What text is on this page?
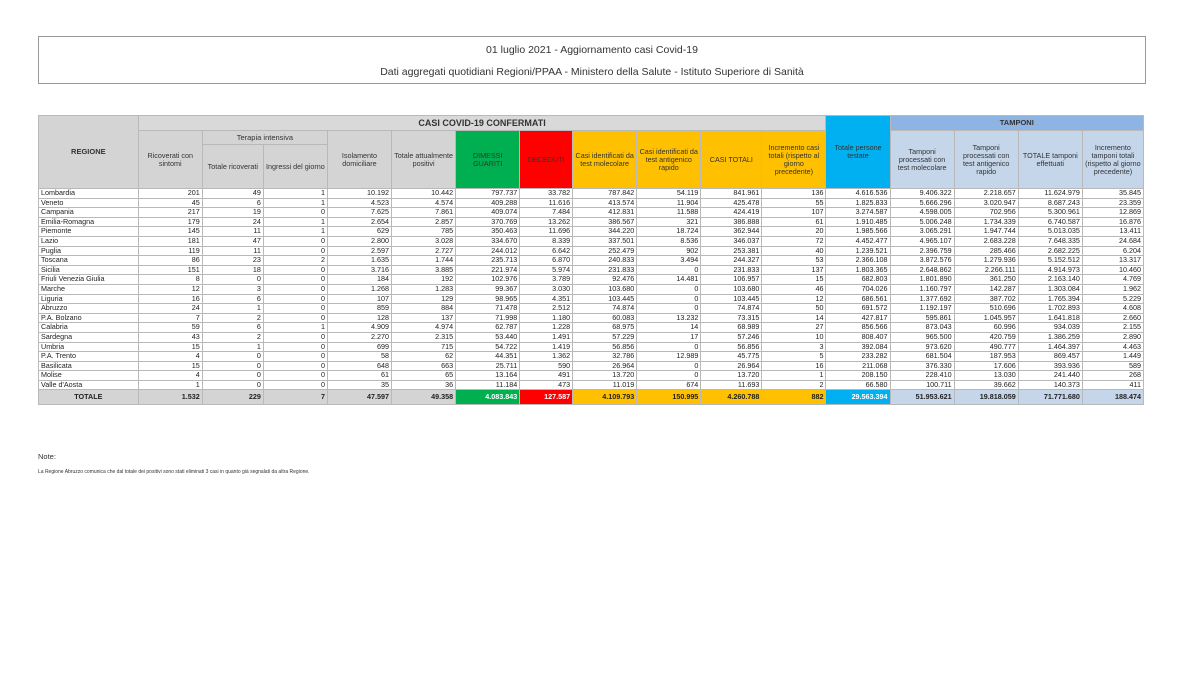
01 luglio 2021 - Aggiornamento casi Covid-19
Dati aggregati quotidiani Regioni/PPAA - Ministero della Salute - Istituto Superiore di Sanità
REGIONE	CASI COVID-19 CONFERMATI											Totale persone testate	TAMPONI			
	Ricoverati con sintomi	Terapia intensiva		Isolamento domiciliare	Totale attualmente positivi	DIMESSI GUARITI	DECEDUTI	Casi identificati da test molecolare	Casi identificati da test antigenico rapido	CASI TOTALI	Incremento casi totali (rispetto al giorno precedente)		Tamponi processati con test molecolare	Tamponi processati con test antigenico rapido	TOTALE tamponi effettuati	Incremento tamponi totali (rispetto al giorno precedente)
		Totale ricoverati	Ingressi del giorno													
Lombardia	201	49	1	10.192	10.442	797.737	33.782	787.842	54.119	841.961	136	4.616.536	9.406.322	2.218.657	11.624.979	35.845
Veneto	45	6	1	4.523	4.574	409.288	11.616	413.574	11.904	425.478	55	1.825.833	5.666.296	3.020.947	8.687.243	23.359
Campania	217	19	0	7.625	7.861	409.074	7.484	412.831	11.588	424.419	107	3.274.587	4.598.005	702.956	5.300.961	12.869
Emilia-Romagna	179	24	1	2.654	2.857	370.769	13.262	386.567	321	386.888	61	1.910.485	5.006.248	1.734.339	6.740.587	16.876
Piemonte	145	11	1	629	785	350.463	11.696	344.220	18.724	362.944	20	1.985.566	3.065.291	1.947.744	5.013.035	13.411
Lazio	181	47	0	2.800	3.028	334.670	8.339	337.501	8.536	346.037	72	4.452.477	4.965.107	2.683.228	7.648.335	24.684
Puglia	119	11	0	2.597	2.727	244.012	6.642	252.479	902	253.381	40	1.239.521	2.396.759	285.466	2.682.225	6.204
Toscana	86	23	2	1.635	1.744	235.713	6.870	240.833	3.494	244.327	53	2.366.108	3.872.576	1.279.936	5.152.512	13.317
Sicilia	151	18	0	3.716	3.885	221.974	5.974	231.833	0	231.833	137	1.803.365	2.648.862	2.266.111	4.914.973	10.460
Friuli Venezia Giulia	8	0	0	184	192	102.976	3.789	92.476	14.481	106.957	15	682.803	1.801.890	361.250	2.163.140	4.769
Marche	12	3	0	1.268	1.283	99.367	3.030	103.680	0	103.680	46	704.026	1.160.797	142.287	1.303.084	1.962
Liguria	16	6	0	107	129	98.965	4.351	103.445	0	103.445	12	686.561	1.377.692	387.702	1.765.394	5.229
Abruzzo	24	1	0	859	884	71.478	2.512	74.874	0	74.874	50	691.572	1.192.197	510.696	1.702.893	4.608
P.A. Bolzano	7	2	0	128	137	71.998	1.180	60.083	13.232	73.315	14	427.817	595.861	1.045.957	1.641.818	2.660
Calabria	59	6	1	4.909	4.974	62.787	1.228	68.975	14	68.989	27	856.566	873.043	60.996	934.039	2.155
Sardegna	43	2	0	2.270	2.315	53.440	1.491	57.229	17	57.246	10	808.407	965.500	420.759	1.386.259	2.890
Umbria	15	1	0	699	715	54.722	1.419	56.856	0	56.856	3	392.084	973.620	490.777	1.464.397	4.463
P.A. Trento	4	0	0	58	62	44.351	1.362	32.786	12.989	45.775	5	233.282	681.504	187.953	869.457	1.449
Basilicata	15	0	0	648	663	25.711	590	26.964	0	26.964	16	211.068	376.330	17.606	393.936	589
Molise	4	0	0	61	65	13.164	491	13.720	0	13.720	1	208.150	228.410	13.030	241.440	268
Valle d'Aosta	1	0	0	35	36	11.184	473	11.019	674	11.693	2	66.580	100.711	39.662	140.373	411
TOTALE	1.532	229	7	47.597	49.358	4.083.843	127.587	4.109.793	150.995	4.260.788	882	29.563.394	51.953.621	19.818.059	71.771.680	188.474
Note:
La Regione Abruzzo comunica che dal totale dei positivi sono stati eliminati 3 casi in quanto già segnalati da altra Regione.
